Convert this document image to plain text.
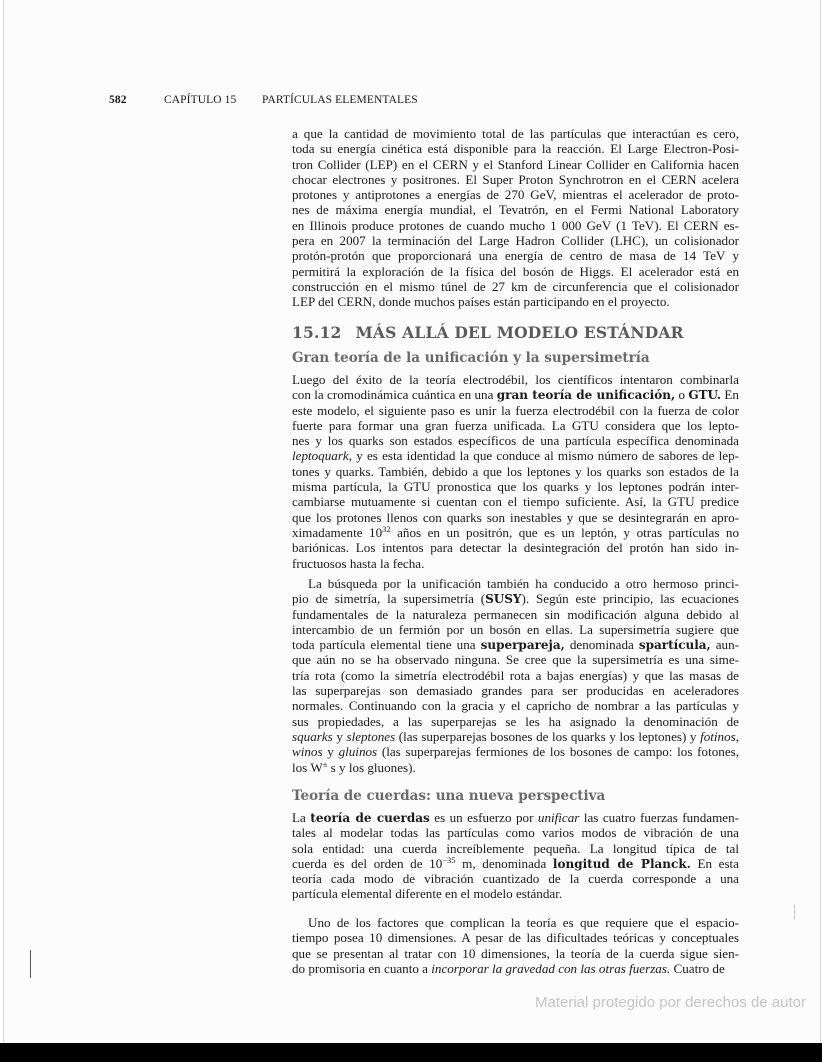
582	CAPÍTULO 15 PARTÍCULAS ELEMENTALES
a que la cantidad de movimiento total de las partículas que interactúan es cero,
toda su energía cinética está disponible para la reacción. El Large Electron-Posi-
tron Collider (LEP) en el CERN y el Stanford Linear Collider en California hacen
chocar electrones y positrones. El Super Proton Synchrotron en el CERN acelera
protones y antiprotones a energías de 270 GeV, mientras el acelerador de proto-
nes de máxima energía mundial, el Tevatrón, en el Fermi National Laboratory
en Illinois produce protones de cuando mucho 1 000 GeV (1 TeV). El CERN es-
pera en 2007 la terminación del Large Hadron Collider (LHC), un colisionador
protón-protón que proporcionará una energía de centro de masa de 14 TeV y
permitirá la exploración de la física del bosón de Higgs. El acelerador está en
construcción en el mismo túnel de 27 km de circunferencia que el colisionador
LEP del CERN, donde muchos países están participando en el proyecto.
15.12 MÁS ALLÁ DEL MODELO ESTÁNDAR
Gran teoría de la unificación y la supersimetría
Luego del éxito de la teoría electrodébil, los científicos intentaron combinarla
con la cromodinámica cuántica en una gran teoría de unificación, o GTU. En
este modelo, el siguiente paso es unir la fuerza electrodébil con la fuerza de color
fuerte para formar una gran fuerza unificada. La GTU considera que los lepto-
nes y los quarks son estados específicos de una partícula específica denominada
leptoquark, y es esta identidad la que conduce al mismo número de sabores de lep-
tones y quarks. También, debido a que los leptones y los quarks son estados de la
misma partícula, la GTU pronostica que los quarks y los leptones podrán inter-
cambiarse mutuamente si cuentan con el tiempo suficiente. Así, la GTU predice
que los protones llenos con quarks son inestables y que se desintegrarán en apro-
ximadamente $10^{32}$ años en un positrón, que es un leptón, y otras partículas no
bariónicas. Los intentos para detectar la desintegración del protón han sido in-
fructuosos hasta la fecha.
La búsqueda por la unificación también ha conducido a otro hermoso princi-
pio de simetría, la supersimetría (SUSY). Según este principio, las ecuaciones
fundamentales de la naturaleza permanecen sin modificación alguna debido al
intercambio de un fermión por un bosón en ellas. La supersimetría sugiere que
toda partícula elemental tiene una superpareja, denominada spartícula, aun-
que aún no se ha observado ninguna. Se cree que la supersimetría es una sime-
tría rota (como la simetría electrodébil rota a bajas energías) y que las masas de
las superparejas son demasiado grandes para ser producidas en aceleradores
normales. Continuando con la gracia y el capricho de nombrar a las partículas y
sus propiedades, a las superparejas se les ha asignado la denominación de
squarks y sleptones (las superparejas bosones de los quarks y los leptones) y fotinos,
winos y gluinos (las superparejas fermiones de los bosones de campo: los fotones,
los W± s y los gluones).
Teoría de cuerdas: una nueva perspectiva
La teoría de cuerdas es un esfuerzo por unificar las cuatro fuerzas fundamen-
tales al modelar todas las partículas como varios modos de vibración de una
sola entidad: una cuerda increíblemente pequeña. La longitud típica de tal
cuerda es del orden de $10^{-35}$ m, denominada longitud de Planck. En esta
teoría cada modo de vibración cuantizado de la cuerda corresponde a una
partícula elemental diferente en el modelo estándar.
Uno de los factores que complican la teoría es que requiere que el espacio-
tiempo posea 10 dimensiones. A pesar de las dificultades teóricas y conceptuales
que se presentan al tratar con 10 dimensiones, la teoría de la cuerda sigue sien-
do promisoria en cuanto a incorporar la gravedad con las otras fuerzas. Cuatro de
Material protegido por derechos de autor
